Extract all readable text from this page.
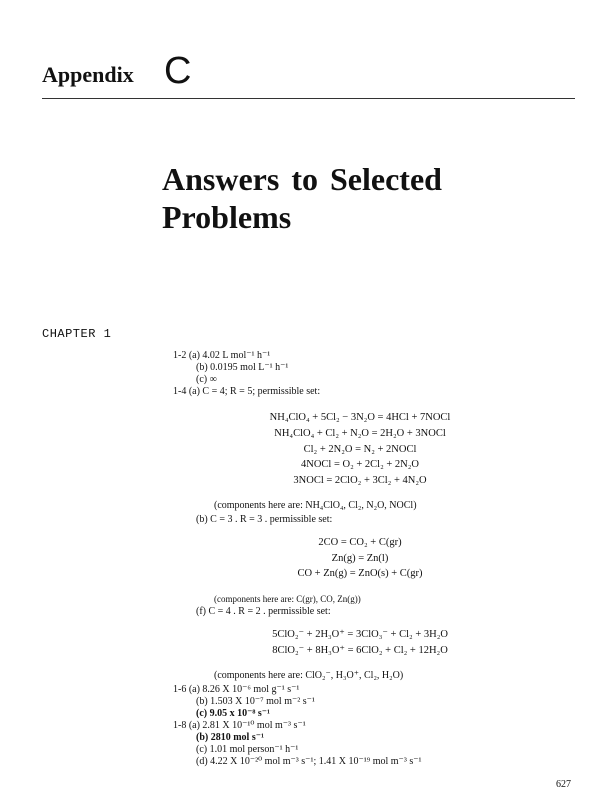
Appendix C
Answers to Selected
Problems
CHAPTER 1
1-2 (a) 4.02 L mol⁻¹ h⁻¹
(b) 0.0195 mol L⁻¹ h⁻¹
(c) ∞
1-4 (a) C = 4; R = 5; permissible set:
NH₄ClO₄ + 5Cl₂ − 3N₂O = 4HCl + 7NOCl
NH₄ClO₄ + Cl₂ + N₂O = 2H₂O + 3NOCl
Cl₂ + 2N₂O = N₂ + 2NOCl
4NOCl = O₂ + 2Cl₂ + 2N₂O
3NOCl = 2ClO₂ + 3Cl₂ + 4N₂O
(components here are: NH₄ClO₄, Cl₂, N₂O, NOCl)
(b) C = 3 . R = 3 . permissible set:
2CO = CO₂ + C(gr)
Zn(g) = Zn(l)
CO + Zn(g) = ZnO(s) + C(gr)
(components here are: C(gr), CO, Zn(g))
(f) C = 4 . R = 2 . permissible set:
5ClO₂⁻ + 2H₃O⁺ = 3ClO₃⁻ + Cl₂ + 3H₂O
8ClO₂⁻ + 8H₃O⁺ = 6ClO₂ + Cl₂ + 12H₂O
(components here are: ClO₂⁻, H₃O⁺, Cl₂, H₂O)
1-6 (a) 8.26 X 10⁻⁶ mol g⁻¹ s⁻¹
(b) 1.503 X 10⁻⁷ mol m⁻² s⁻¹
(c) 9.05 x 10⁻⁸ s⁻¹
1-8 (a) 2.81 X 10⁻¹⁰ mol m⁻³ s⁻¹
(b) 2810 mol s⁻¹
(c) 1.01 mol person⁻¹ h⁻¹
(d) 4.22 X 10⁻²⁰ mol m⁻³ s⁻¹; 1.41 X 10⁻¹⁹ mol m⁻³ s⁻¹
627
